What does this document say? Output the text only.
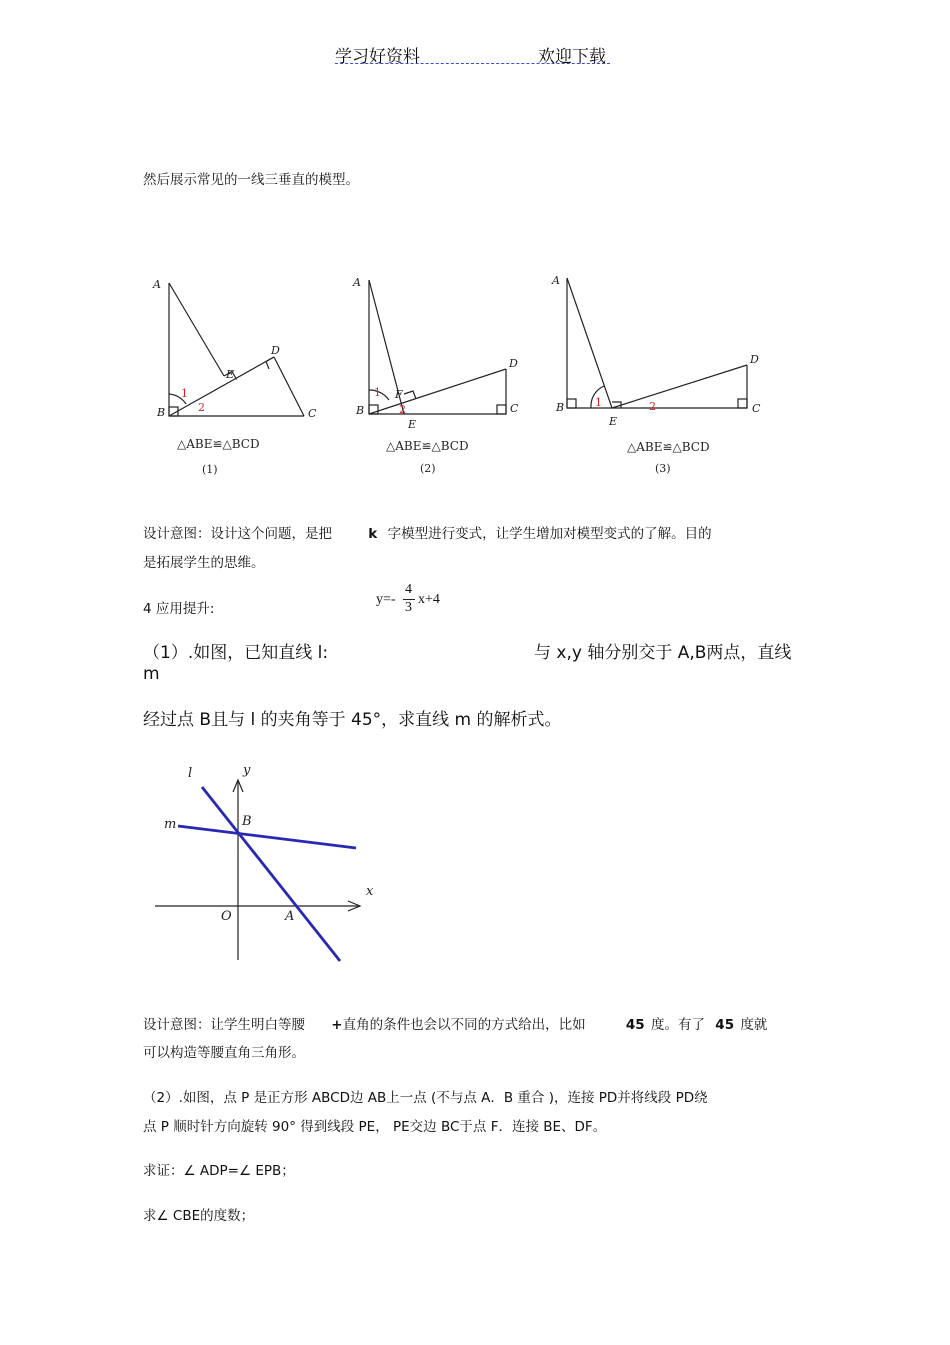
学习好资料	欢迎下载
然后展示常见的一线三垂直的模型。
A
B	C
D
E
1
2
△ABE≌△BCD
(1)
A
B	C
D
E
F
1
2
△ABE≌△BCD
(2)
A
B	C
D
E
1	2
△ABE≌△BCD
(3)
设计意图：设计这个问题，是把	k 字模型进行变式，让学生增加对模型变式的了解。目的
是拓展学生的思维。
4 应用提升:
y=-
4
3
x+4
（1）.如图，已知直线 l:	与 x,y 轴分别交于 A,B两点，直线
m
经过点 B且与 l 的夹角等于 45°，求直线 m 的解析式。
l	y
m	B
x
O	A
设计意图：让学生明白等腰 +直角的条件也会以不同的方式给出，比如	45 度。有了 45 度就
可以构造等腰直角三角形。
（2）.如图，点 P 是正方形 ABCD边 AB上一点 (不与点 A．B 重合 )，连接 PD并将线段 PD绕
点 P 顺时针方向旋转 90° 得到线段 PE， PE交边 BC于点 F．连接 BE、DF。
求证：∠ ADP=∠ EPB；
求∠ CBE的度数；
